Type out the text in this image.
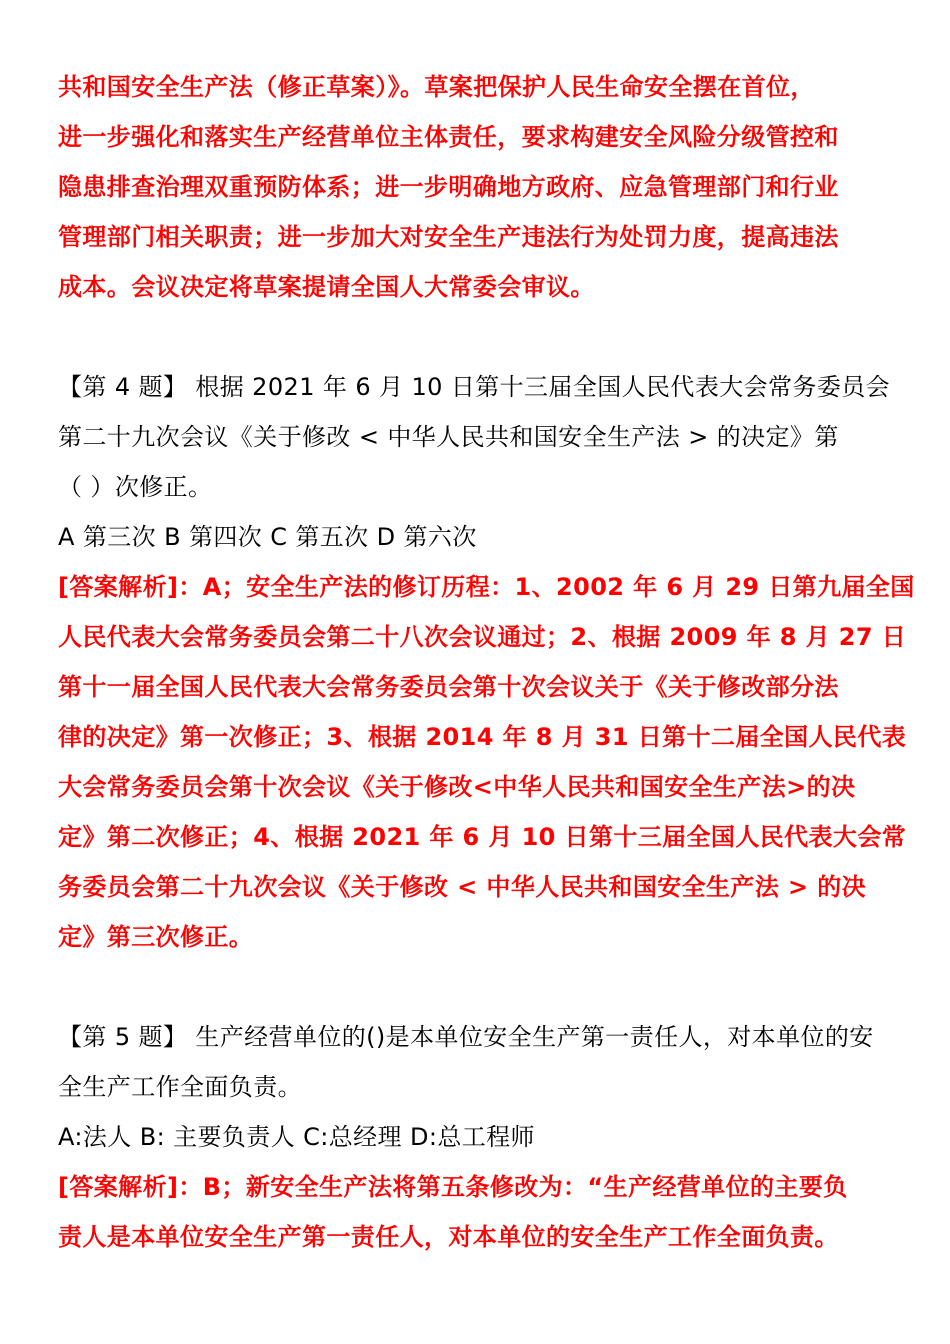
共和国安全生产法（修正草案）》。草案把保护人民生命安全摆在首位，
进一步强化和落实生产经营单位主体责任，要求构建安全风险分级管控和
隐患排查治理双重预防体系；进一步明确地方政府、应急管理部门和行业
管理部门相关职责；进一步加大对安全生产违法行为处罚力度，提高违法
成本。会议决定将草案提请全国人大常委会审议。
【第 4 题】 根据 2021 年 6 月 10 日第十三届全国人民代表大会常务委员会
第二十九次会议《关于修改 < 中华人民共和国安全生产法 > 的决定》第
（ ）次修正。
A 第三次 B 第四次 C 第五次 D 第六次
[答案解析]：A；安全生产法的修订历程：1、2002 年 6 月 29 日第九届全国
人民代表大会常务委员会第二十八次会议通过；2、根据 2009 年 8 月 27 日
第十一届全国人民代表大会常务委员会第十次会议关于《关于修改部分法
律的决定》第一次修正；3、根据 2014 年 8 月 31 日第十二届全国人民代表
大会常务委员会第十次会议《关于修改<中华人民共和国安全生产法>的决
定》第二次修正；4、根据 2021 年 6 月 10 日第十三届全国人民代表大会常
务委员会第二十九次会议《关于修改 < 中华人民共和国安全生产法 > 的决
定》第三次修正。
【第 5 题】 生产经营单位的()是本单位安全生产第一责任人，对本单位的安
全生产工作全面负责。
A:法人 B: 主要负责人 C:总经理 D:总工程师
[答案解析]：B；新安全生产法将第五条修改为：“生产经营单位的主要负
责人是本单位安全生产第一责任人，对本单位的安全生产工作全面负责。
